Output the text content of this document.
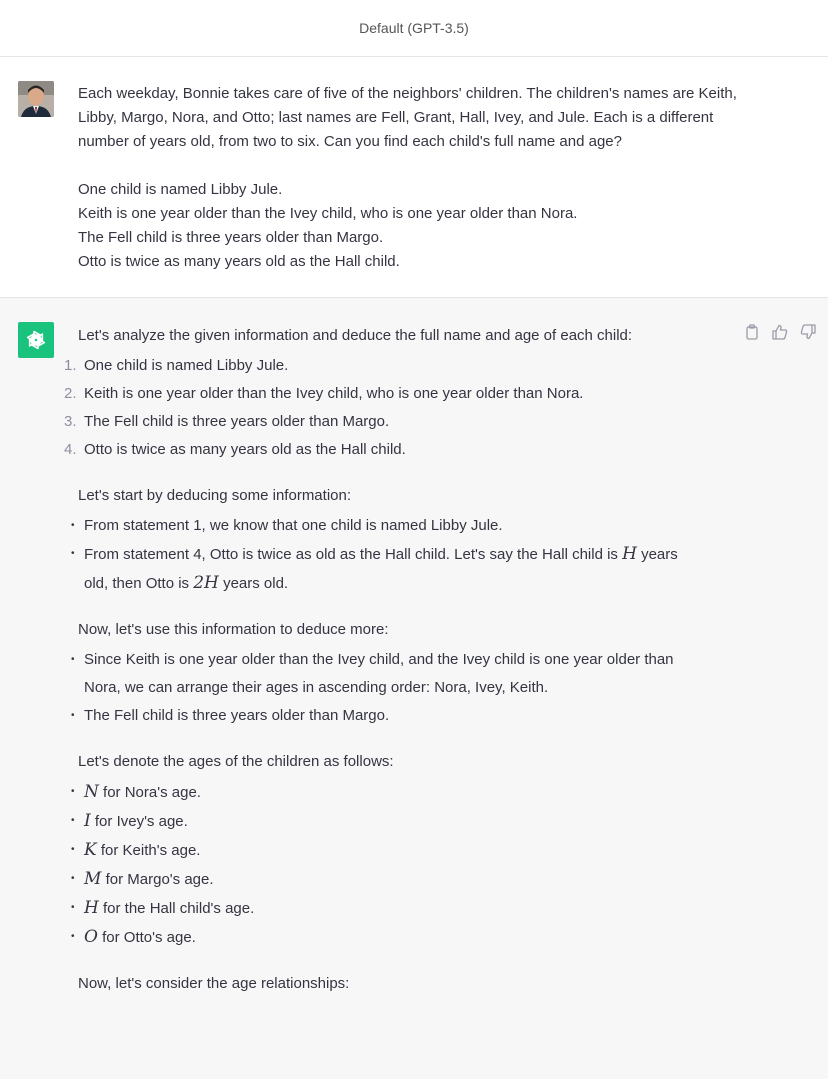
Default (GPT-3.5)

Each weekday, Bonnie takes care of five of the neighbors' children. The children's names are Keith, Libby, Margo, Nora, and Otto; last names are Fell, Grant, Hall, Ivey, and Jule. Each is a different number of years old, from two to six. Can you find each child's full name and age?

One child is named Libby Jule.

Keith is one year older than the Ivey child, who is one year older than Nora.

The Fell child is three years older than Margo.

Otto is twice as many years old as the Hall child.

Let's analyze the given information and deduce the full name and age of each child:

1. One child is named Libby Jule.
2. Keith is one year older than the Ivey child, who is one year older than Nora.
3. The Fell child is three years older than Margo.
4. Otto is twice as many years old as the Hall child.

Let's start by deducing some information:

• From statement 1, we know that one child is named Libby Jule.
• From statement 4, Otto is twice as old as the Hall child. Let's say the Hall child is H years
old, then Otto is 2H years old.

Now, let's use this information to deduce more:

• Since Keith is one year older than the Ivey child, and the Ivey child is one year older than
Nora, we can arrange their ages in ascending order: Nora, Ivey, Keith.
• The Fell child is three years older than Margo.

Let's denote the ages of the children as follows:

• N for Nora's age.
• I for Ivey's age.
• K for Keith's age.
• M for Margo's age.
• H for the Hall child's age.
• O for Otto's age.

Now, let's consider the age relationships:
